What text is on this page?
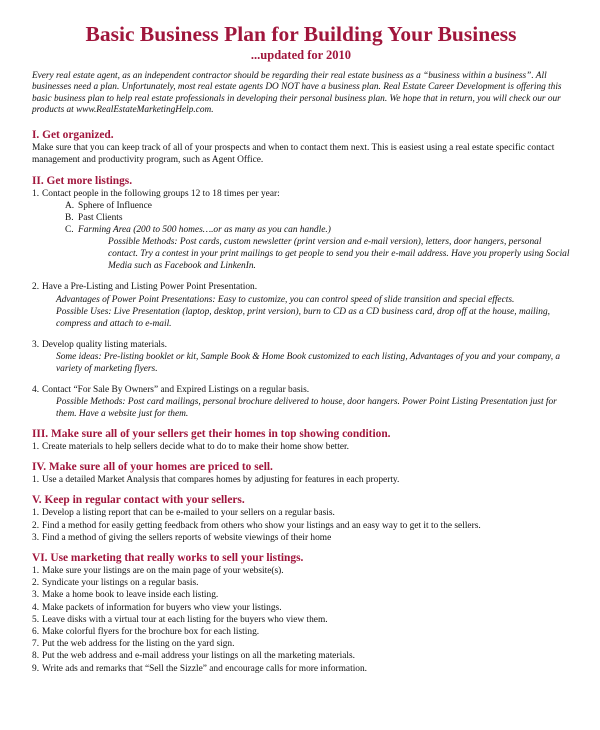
Basic Business Plan for Building Your Business
...updated for 2010

Every real estate agent, as an independent contractor should be regarding their real estate business as a “business within a business”. All businesses need a plan. Unfortunately, most real estate agents DO NOT have a business plan. Real Estate Career Development is offering this basic business plan to help real estate professionals in developing their personal business plan. We hope that in return, you will check our our products at www.RealEstateMarketingHelp.com.

I. Get organized.

Make sure that you can keep track of all of your prospects and when to contact them next. This is easiest using a real estate specific contact management and productivity program, such as Agent Office.

II. Get more listings.
1. Contact people in the following groups 12 to 18 times per year:
A. Sphere of Influence
B. Past Clients
C. Farming Area (200 to 500 homes….or as many as you can handle.)
Possible Methods: Post cards, custom newsletter (print version and e-mail version), letters, door hangers, personal contact. Try a contest in your print mailings to get people to send you their e-mail address. Have you properly using Social Media such as Facebook and LinkenIn.
2. Have a Pre-Listing and Listing Power Point Presentation.
Advantages of Power Point Presentations: Easy to customize, you can control speed of slide transition and special effects.
Possible Uses: Live Presentation (laptop, desktop, print version), burn to CD as a CD business card, drop off at the house, mailing, compress and attach to e-mail.
3. Develop quality listing materials.
Some ideas: Pre-listing booklet or kit, Sample Book & Home Book customized to each listing, Advantages of you and your company, a variety of marketing flyers.
4. Contact “For Sale By Owners” and Expired Listings on a regular basis.
Possible Methods: Post card mailings, personal brochure delivered to house, door hangers. Power Point Listing Presentation just for them. Have a website just for them.
III. Make sure all of your sellers get their homes in top showing condition.
1. Create materials to help sellers decide what to do to make their home show better.
IV. Make sure all of your homes are priced to sell.
1. Use a detailed Market Analysis that compares homes by adjusting for features in each property.
V. Keep in regular contact with your sellers.
1. Develop a listing report that can be e-mailed to your sellers on a regular basis.
2. Find a method for easily getting feedback from others who show your listings and an easy way to get it to the sellers.
3. Find a method of giving the sellers reports of website viewings of their home
VI. Use marketing that really works to sell your listings.
1. Make sure your listings are on the main page of your website(s).
2. Syndicate your listings on a regular basis.
3. Make a home book to leave inside each listing.
4. Make packets of information for buyers who view your listings.
5. Leave disks with a virtual tour at each listing for the buyers who view them.
6. Make colorful flyers for the brochure box for each listing.
7. Put the web address for the listing on the yard sign.
8. Put the web address and e-mail address your listings on all the marketing materials.
9. Write ads and remarks that “Sell the Sizzle” and encourage calls for more information.
